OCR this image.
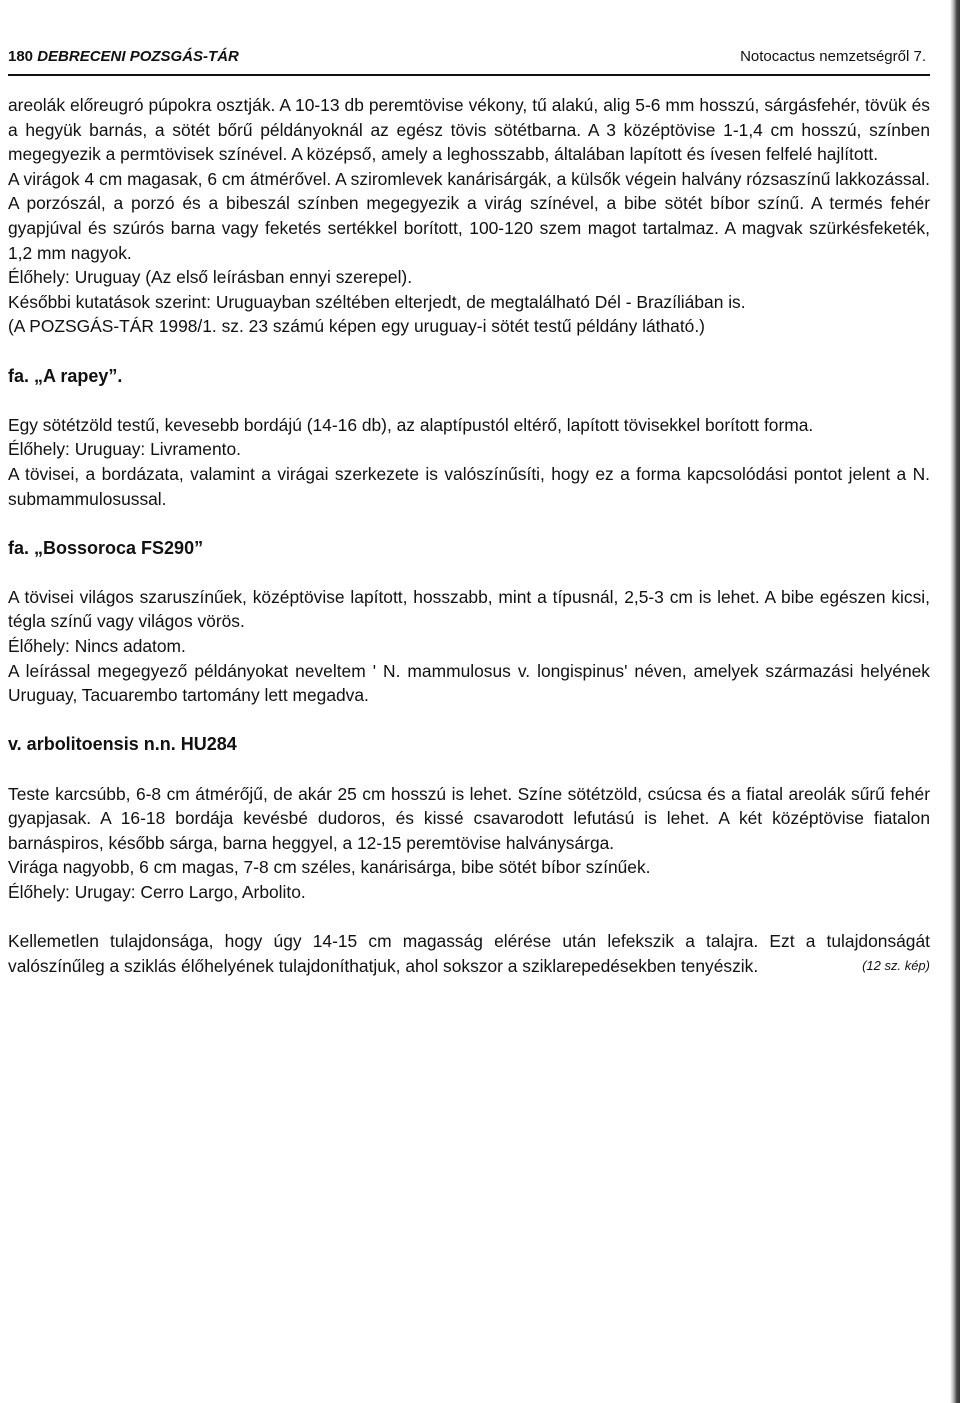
180 DEBRECENI POZSGÁS-TÁR	Notocactus nemzetségről 7.

areolák előreugró púpokra osztják. A 10-13 db peremtövise vékony, tű alakú, alig 5-6 mm hosszú, sárgásfehér, tövük és a hegyük barnás, a sötét bőrű példányoknál az egész tövis sötétbarna. A 3 középtövise 1-1,4 cm hosszú, színben megegyezik a permtövisek színével. A középső, amely a leghosszabb, általában lapított és ívesen felfelé hajlított.

A virágok 4 cm magasak, 6 cm átmérővel. A sziromlevek kanárisárgák, a külsők végein halvány rózsaszínű lakkozással. A porzószál, a porzó és a bibeszál színben megegyezik a virág színével, a bibe sötét bíbor színű. A termés fehér gyapjúval és szúrós barna vagy feketés sertékkel borított, 100-120 szem magot tartalmaz. A magvak szürkésfeketék, 1,2 mm nagyok.

Élőhely: Uruguay (Az első leírásban ennyi szerepel).

Későbbi kutatások szerint: Uruguayban széltében elterjedt, de megtalálható Dél - Brazíliában is.

(A POZSGÁS-TÁR 1998/1. sz. 23 számú képen egy uruguay-i sötét testű példány látható.)

fa. „A rapey”.

Egy sötétzöld testű, kevesebb bordájú (14-16 db), az alaptípustól eltérő, lapított tövisekkel borított forma.

Élőhely: Uruguay: Livramento.

A tövisei, a bordázata, valamint a virágai szerkezete is valószínűsíti, hogy ez a forma kapcsolódási pontot jelent a N. submammulosussal.

fa. „Bossoroca FS290”

A tövisei világos szaruszínűek, középtövise lapított, hosszabb, mint a típusnál, 2,5-3 cm is lehet. A bibe egészen kicsi, tégla színű vagy világos vörös.

Élőhely: Nincs adatom.

A leírással megegyező példányokat neveltem ' N. mammulosus v. longispinus' néven, amelyek származási helyének Uruguay, Tacuarembo tartomány lett megadva.

v. arbolitoensis n.n. HU284

Teste karcsúbb, 6-8 cm átmérőjű, de akár 25 cm hosszú is lehet. Színe sötétzöld, csúcsa és a fiatal areolák sűrű fehér gyapjasak. A 16-18 bordája kevésbé dudoros, és kissé csavarodott lefutású is lehet. A két középtövise fiatalon barnáspiros, később sárga, barna heggyel, a 12-15 peremtövise halványsárga.

Virága nagyobb, 6 cm magas, 7-8 cm széles, kanárisárga, bibe sötét bíbor színűek.

Élőhely: Urugay: Cerro Largo, Arbolito.

Kellemetlen tulajdonsága, hogy úgy 14-15 cm magasság elérése után lefekszik a talajra. Ezt a tulajdonságát valószínűleg a sziklás élőhelyének tulajdoníthatjuk, ahol sokszor a sziklarepedésekben tenyészik.	(12 sz. kép)
